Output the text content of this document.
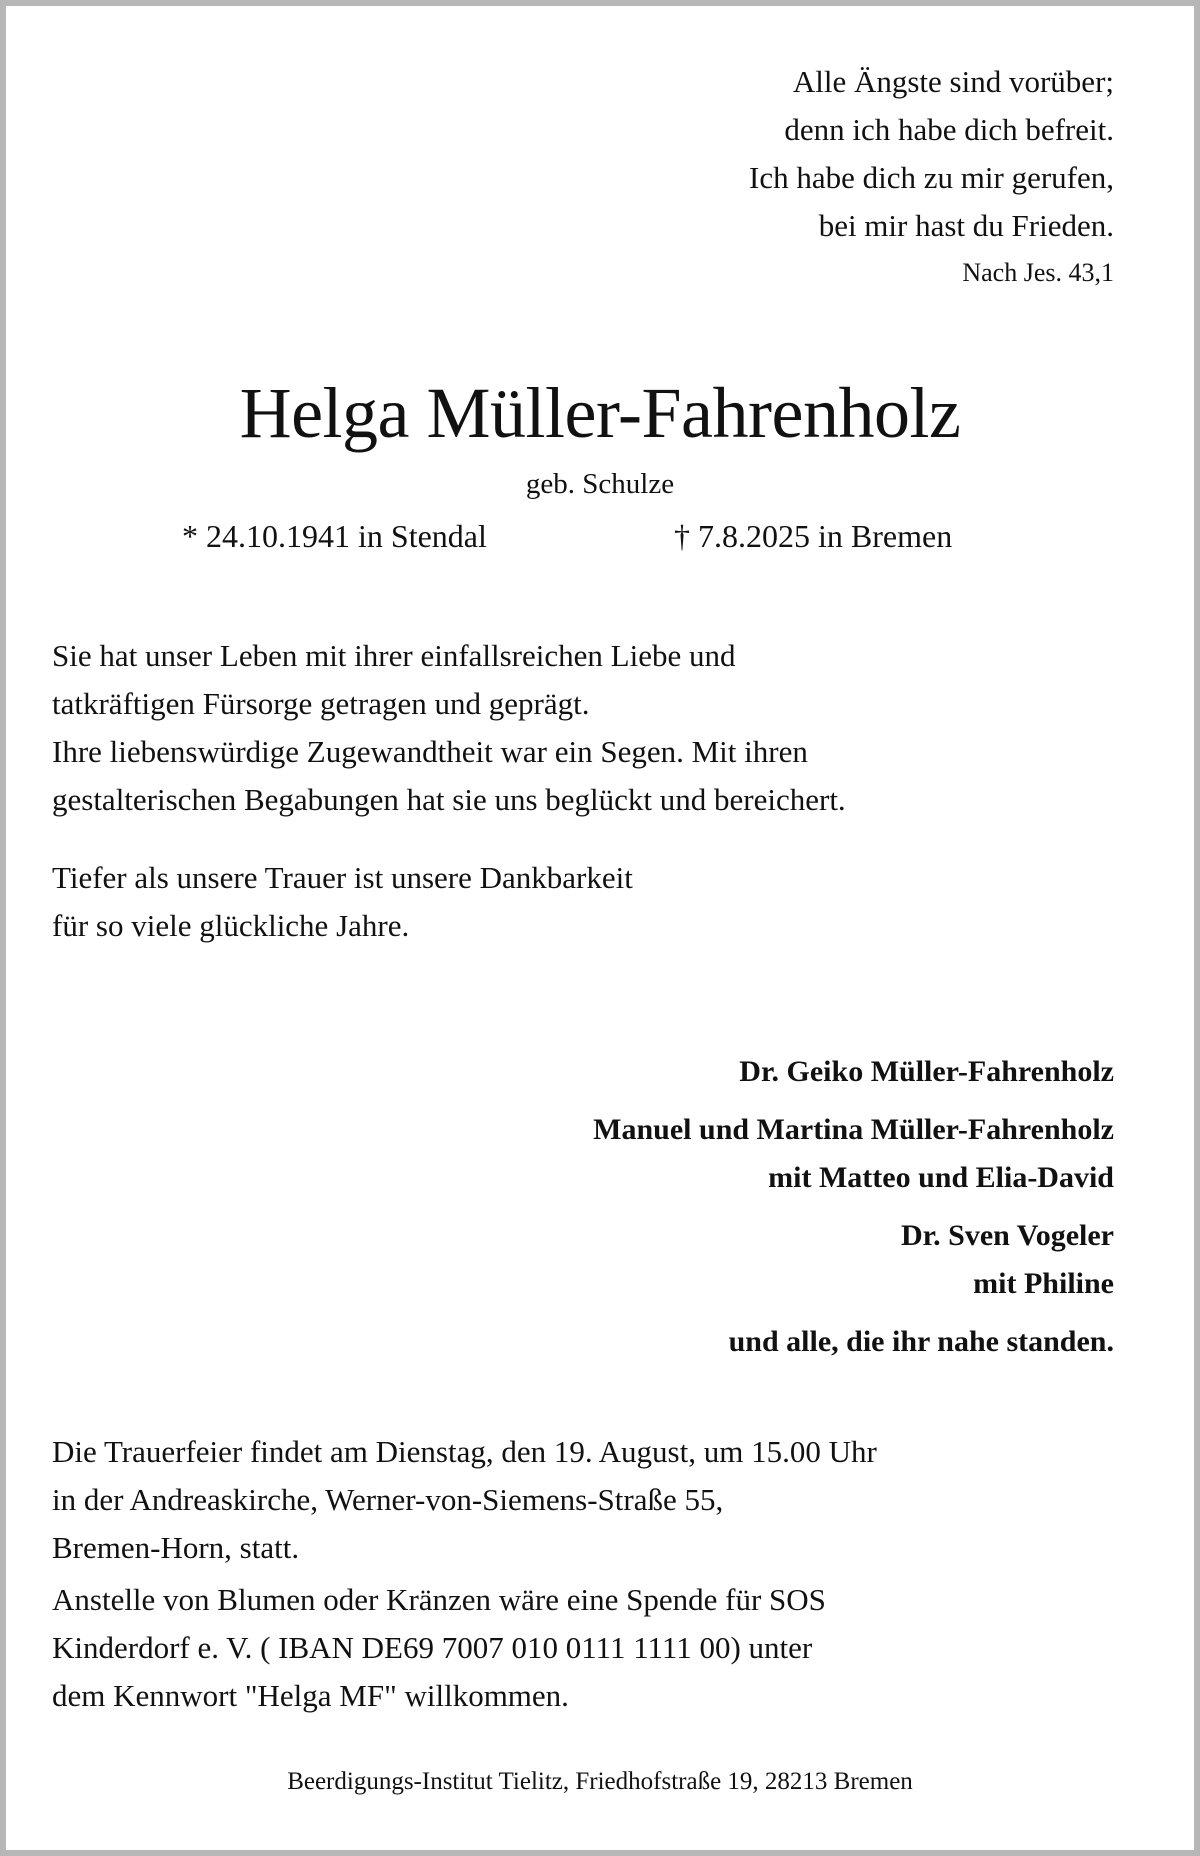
Alle Ängste sind vorüber;
denn ich habe dich befreit.
Ich habe dich zu mir gerufen,
bei mir hast du Frieden.
Nach Jes. 43,1
Helga Müller-Fahrenholz
geb. Schulze
* 24.10.1941 in Stendal	† 7.8.2025 in Bremen
Sie hat unser Leben mit ihrer einfallsreichen Liebe und
tatkräftigen Fürsorge getragen und geprägt.
Ihre liebenswürdige Zugewandtheit war ein Segen. Mit ihren
gestalterischen Begabungen hat sie uns beglückt und bereichert.
Tiefer als unsere Trauer ist unsere Dankbarkeit
für so viele glückliche Jahre.
Dr. Geiko Müller-Fahrenholz
Manuel und Martina Müller-Fahrenholz
mit Matteo und Elia-David
Dr. Sven Vogeler
mit Philine
und alle, die ihr nahe standen.
Die Trauerfeier findet am Dienstag, den 19. August, um 15.00 Uhr
in der Andreaskirche, Werner-von-Siemens-Straße 55,
Bremen-Horn, statt.
Anstelle von Blumen oder Kränzen wäre eine Spende für SOS
Kinderdorf e. V. ( IBAN DE69 7007 010 0111 1111 00) unter
dem Kennwort "Helga MF" willkommen.
Beerdigungs-Institut Tielitz, Friedhofstraße 19, 28213 Bremen
